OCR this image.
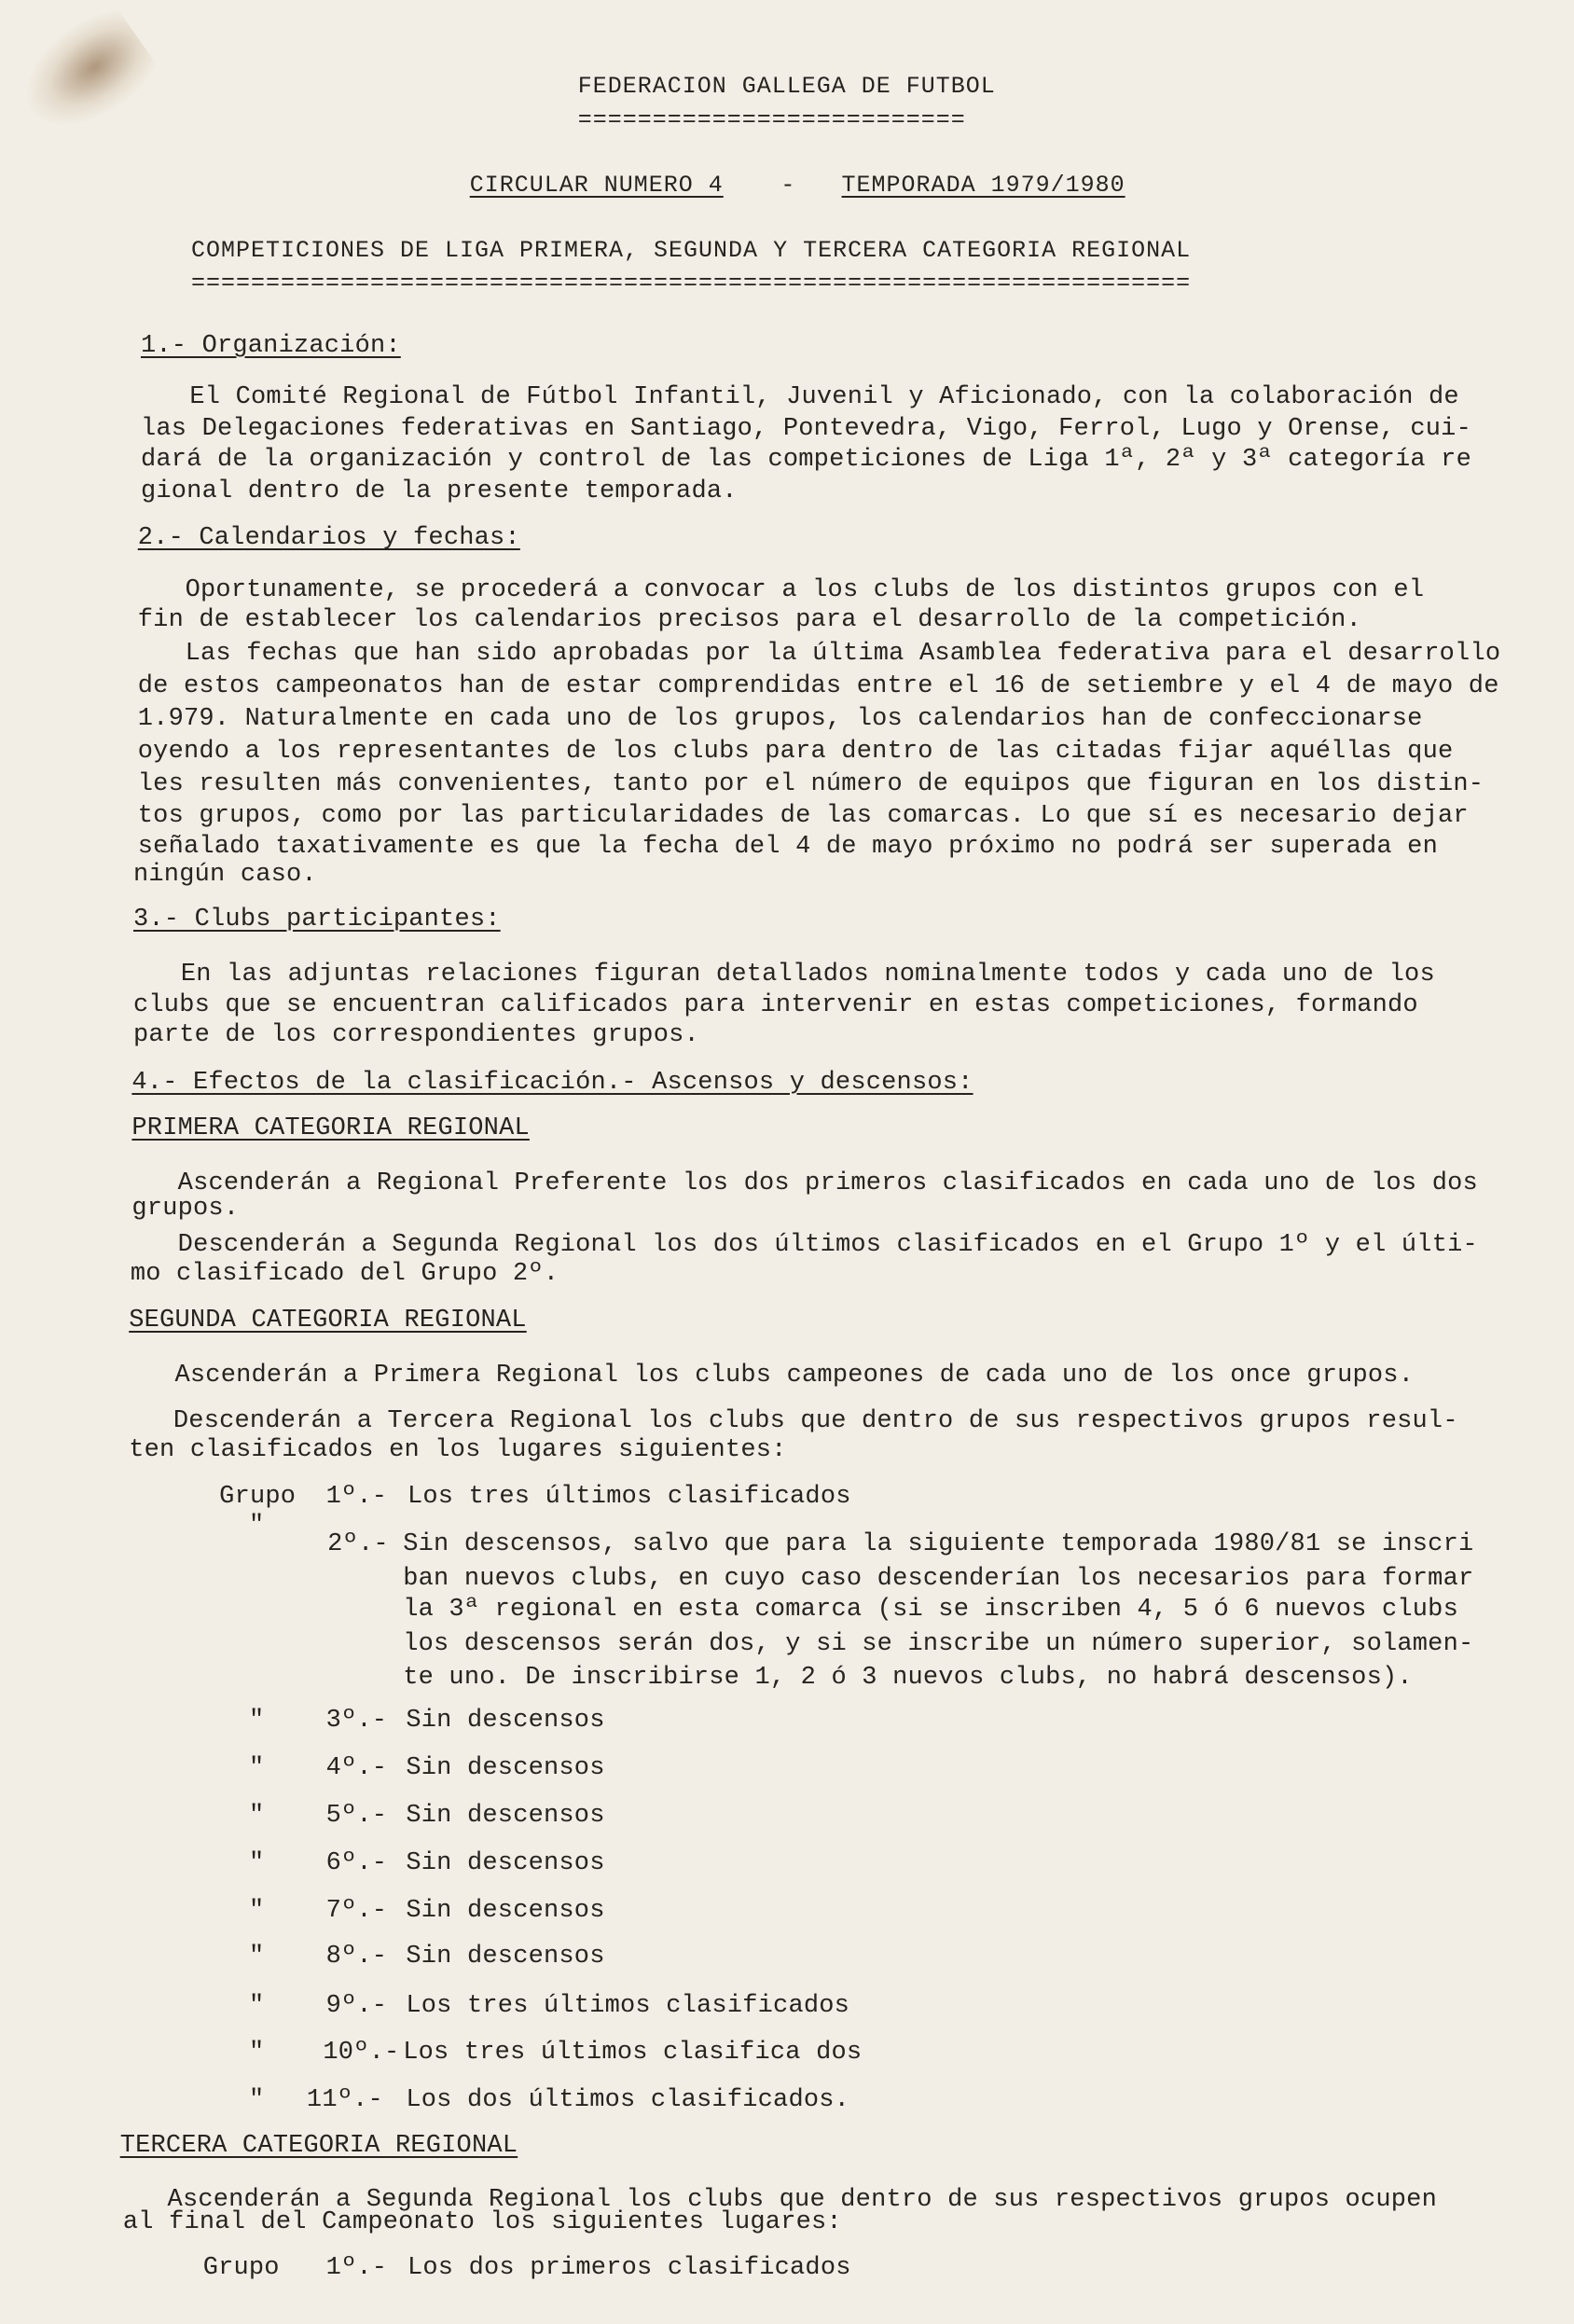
FEDERACION GALLEGA DE FUTBOL
==========================
CIRCULAR NUMERO 4 - TEMPORADA 1979/1980
COMPETICIONES DE LIGA PRIMERA, SEGUNDA Y TERCERA CATEGORIA REGIONAL
===================================================================
1.- Organización:
El Comité Regional de Fútbol Infantil, Juvenil y Aficionado, con la colaboración de
las Delegaciones federativas en Santiago, Pontevedra, Vigo, Ferrol, Lugo y Orense, cui-
dará de la organización y control de las competiciones de Liga 1ª, 2ª y 3ª categoría re
gional dentro de la presente temporada.
2.- Calendarios y fechas:
Oportunamente, se procederá a convocar a los clubs de los distintos grupos con el
fin de establecer los calendarios precisos para el desarrollo de la competición.
Las fechas que han sido aprobadas por la última Asamblea federativa para el desarrollo
de estos campeonatos han de estar comprendidas entre el 16 de setiembre y el 4 de mayo de
1.979. Naturalmente en cada uno de los grupos, los calendarios han de confeccionarse
oyendo a los representantes de los clubs para dentro de las citadas fijar aquéllas que
les resulten más convenientes, tanto por el número de equipos que figuran en los distin-
tos grupos, como por las particularidades de las comarcas. Lo que sí es necesario dejar
señalado taxativamente es que la fecha del 4 de mayo próximo no podrá ser superada en
ningún caso.
3.- Clubs participantes:
En las adjuntas relaciones figuran detallados nominalmente todos y cada uno de los
clubs que se encuentran calificados para intervenir en estas competiciones, formando
parte de los correspondientes grupos.
4.- Efectos de la clasificación.- Ascensos y descensos:
PRIMERA CATEGORIA REGIONAL
Ascenderán a Regional Preferente los dos primeros clasificados en cada uno de los dos
grupos.
Descenderán a Segunda Regional los dos últimos clasificados en el Grupo 1º y el últi-
mo clasificado del Grupo 2º.
SEGUNDA CATEGORIA REGIONAL
Ascenderán a Primera Regional los clubs campeones de cada uno de los once grupos.
Descenderán a Tercera Regional los clubs que dentro de sus respectivos grupos resul-
ten clasificados en los lugares siguientes:
Grupo 1º.- Los tres últimos clasificados
"
2º.- Sin descensos, salvo que para la siguiente temporada 1980/81 se inscri
ban nuevos clubs, en cuyo caso descenderían los necesarios para formar
la 3ª regional en esta comarca (si se inscriben 4, 5 ó 6 nuevos clubs
los descensos serán dos, y si se inscribe un número superior, solamen-
te uno. De inscribirse 1, 2 ó 3 nuevos clubs, no habrá descensos).
TERCERA CATEGORIA REGIONAL
Ascenderán a Segunda Regional los clubs que dentro de sus respectivos grupos ocupen
al final del Campeonato los siguientes lugares:
Grupo 1º.- Los dos primeros clasificados
" 3º.- Sin descensos
" 4º.- Sin descensos
" 5º.- Sin descensos
" 6º.- Sin descensos
" 7º.- Sin descensos
" 8º.- Sin descensos
" 9º.- Los tres últimos clasificados
" 10º.- Los tres últimos clasifica dos
" 11º.- Los dos últimos clasificados.
